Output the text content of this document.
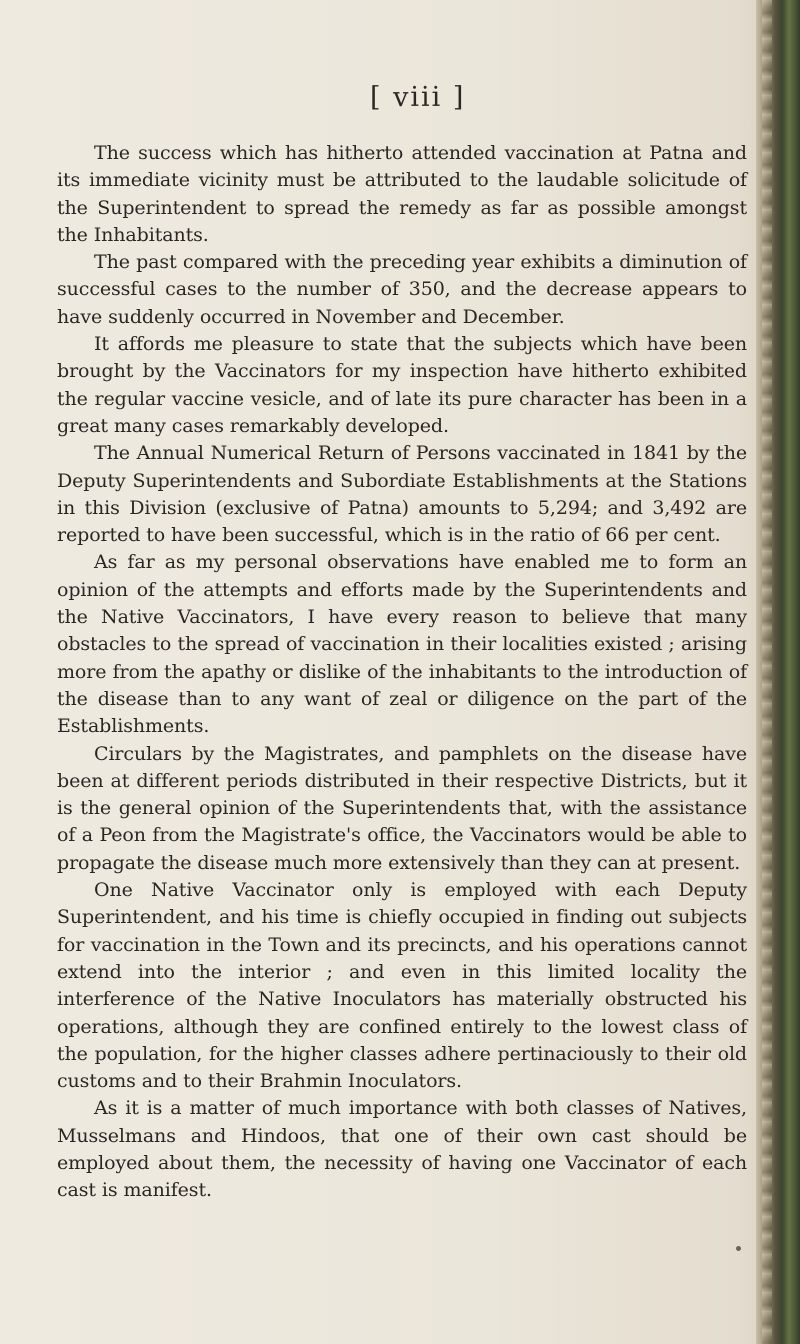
[ viii ]

The success which has hitherto attended vaccination at Patna and its immediate vicinity must be attributed to the laudable solicitude of the Superintendent to spread the remedy as far as possible amongst the Inhabitants.

The past compared with the preceding year exhibits a diminution of successful cases to the number of 350, and the decrease appears to have suddenly occurred in November and December.

It affords me pleasure to state that the subjects which have been brought by the Vaccinators for my inspection have hitherto exhibited the regular vaccine vesicle, and of late its pure character has been in a great many cases remarkably developed.

The Annual Numerical Return of Persons vaccinated in 1841 by the Deputy Superintendents and Subordiate Establishments at the Stations in this Division (exclusive of Patna) amounts to 5,294; and 3,492 are reported to have been successful, which is in the ratio of 66 per cent.

As far as my personal observations have enabled me to form an opinion of the attempts and efforts made by the Superintendents and the Native Vaccinators, I have every reason to believe that many obstacles to the spread of vaccination in their localities existed ; arising more from the apathy or dislike of the inhabitants to the introduction of the disease than to any want of zeal or diligence on the part of the Establishments.

Circulars by the Magistrates, and pamphlets on the disease have been at different periods distributed in their respective Districts, but it is the general opinion of the Superintendents that, with the assistance of a Peon from the Magistrate's office, the Vaccinators would be able to propagate the disease much more extensively than they can at present.

One Native Vaccinator only is employed with each Deputy Superintendent, and his time is chiefly occupied in finding out subjects for vaccination in the Town and its precincts, and his operations cannot extend into the interior ; and even in this limited locality the interference of the Native Inoculators has materially obstructed his operations, although they are confined entirely to the lowest class of the population, for the higher classes adhere pertinaciously to their old customs and to their Brahmin Inoculators.

As it is a matter of much importance with both classes of Natives, Musselmans and Hindoos, that one of their own cast should be employed about them, the necessity of having one Vaccinator of each cast is manifest.
